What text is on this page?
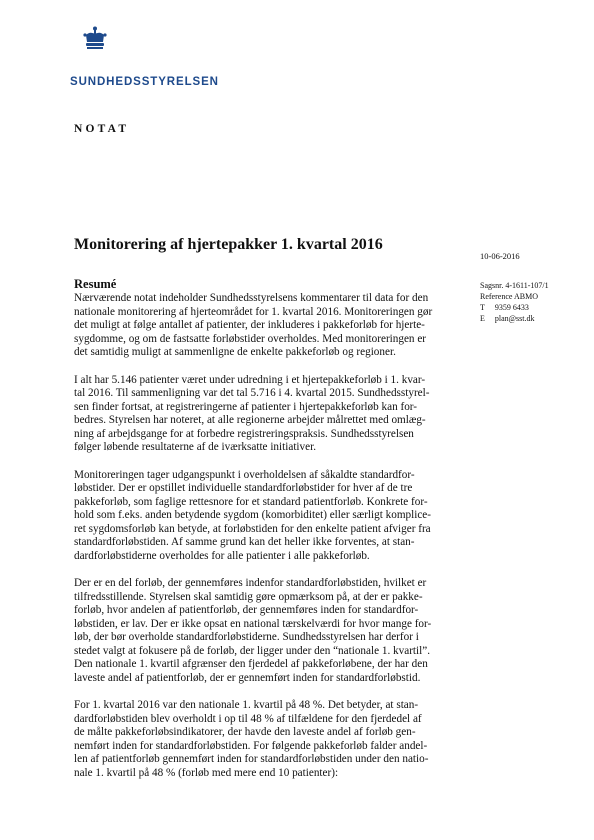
SUNDHEDSSTYRELSEN
NOTAT
Monitorering af hjertepakker 1. kvartal 2016
10-06-2016
Sagsnr. 4-1611-107/1
Reference ABMO
T 9359 6433
E plan@sst.dk
Resumé

Nærværende notat indeholder Sundhedsstyrelsens kommentarer til data for den
nationale monitorering af hjerteområdet for 1. kvartal 2016. Monitoreringen gør
det muligt at følge antallet af patienter, der inkluderes i pakkeforløb for hjerte-
sygdomme, og om de fastsatte forløbstider overholdes. Med monitoreringen er
det samtidig muligt at sammenligne de enkelte pakkeforløb og regioner.

I alt har 5.146 patienter været under udredning i et hjertepakkeforløb i 1. kvar-
tal 2016. Til sammenligning var det tal 5.716 i 4. kvartal 2015. Sundhedsstyrel-
sen finder fortsat, at registreringerne af patienter i hjertepakkeforløb kan for-
bedres. Styrelsen har noteret, at alle regionerne arbejder målrettet med omlæg-
ning af arbejdsgange for at forbedre registreringspraksis. Sundhedsstyrelsen
følger løbende resultaterne af de iværksatte initiativer.

Monitoreringen tager udgangspunkt i overholdelsen af såkaldte standardfor-
løbstider. Der er opstillet individuelle standardforløbstider for hver af de tre
pakkeforløb, som faglige rettesnore for et standard patientforløb. Konkrete for-
hold som f.eks. anden betydende sygdom (komorbiditet) eller særligt komplice-
ret sygdomsforløb kan betyde, at forløbstiden for den enkelte patient afviger fra
standardforløbstiden. Af samme grund kan det heller ikke forventes, at stan-
dardforløbstiderne overholdes for alle patienter i alle pakkeforløb.

Der er en del forløb, der gennemføres indenfor standardforløbstiden, hvilket er
tilfredsstillende. Styrelsen skal samtidig gøre opmærksom på, at der er pakke-
forløb, hvor andelen af patientforløb, der gennemføres inden for standardfor-
løbstiden, er lav. Der er ikke opsat en national tærskelværdi for hvor mange for-
løb, der bør overholde standardforløbstiderne. Sundhedsstyrelsen har derfor i
stedet valgt at fokusere på de forløb, der ligger under den “nationale 1. kvartil”.
Den nationale 1. kvartil afgrænser den fjerdedel af pakkeforløbene, der har den
laveste andel af patientforløb, der er gennemført inden for standardforløbstid.

For 1. kvartal 2016 var den nationale 1. kvartil på 48 %. Det betyder, at stan-
dardforløbstiden blev overholdt i op til 48 % af tilfældene for den fjerdedel af
de målte pakkeforløbsindikatorer, der havde den laveste andel af forløb gen-
nemført inden for standardforløbstiden. For følgende pakkeforløb falder andel-
len af patientforløb gennemført inden for standardforløbstiden under den natio-
nale 1. kvartil på 48 % (forløb med mere end 10 patienter):
